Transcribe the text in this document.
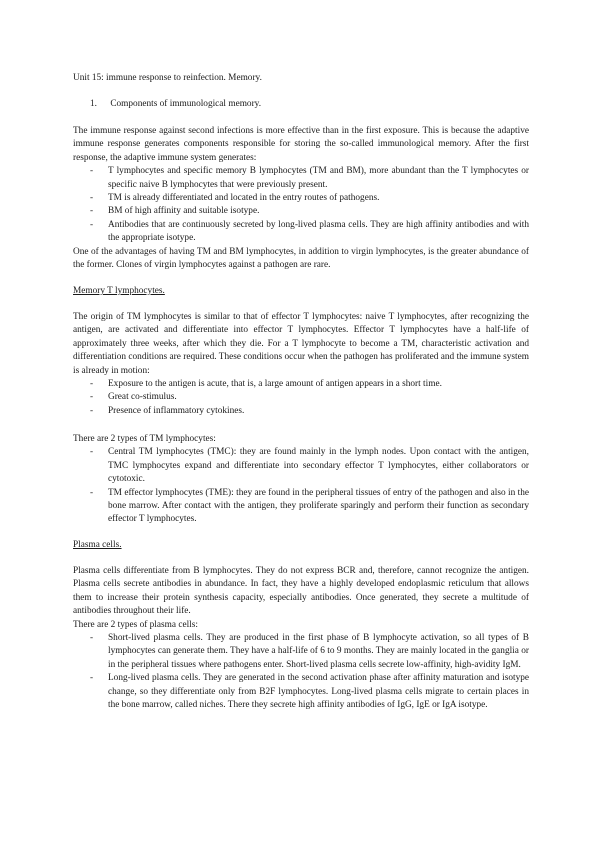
Unit 15: immune response to reinfection. Memory.

1. Components of immunological memory.

The immune response against second infections is more effective than in the first exposure. This is because the adaptive immune response generates components responsible for storing the so-called immunological memory. After the first response, the adaptive immune system generates:

- T lymphocytes and specific memory B lymphocytes (TM and BM), more abundant than the T lymphocytes or specific naive B lymphocytes that were previously present.
- TM is already differentiated and located in the entry routes of pathogens.
- BM of high affinity and suitable isotype.
- Antibodies that are continuously secreted by long-lived plasma cells. They are high affinity antibodies and with the appropriate isotype.

One of the advantages of having TM and BM lymphocytes, in addition to virgin lymphocytes, is the greater abundance of the former. Clones of virgin lymphocytes against a pathogen are rare.

Memory T lymphocytes.

The origin of TM lymphocytes is similar to that of effector T lymphocytes: naive T lymphocytes, after recognizing the antigen, are activated and differentiate into effector T lymphocytes. Effector T lymphocytes have a half-life of approximately three weeks, after which they die. For a T lymphocyte to become a TM, characteristic activation and differentiation conditions are required. These conditions occur when the pathogen has proliferated and the immune system is already in motion:

- Exposure to the antigen is acute, that is, a large amount of antigen appears in a short time.
- Great co-stimulus.
- Presence of inflammatory cytokines.

There are 2 types of TM lymphocytes:

- Central TM lymphocytes (TMC): they are found mainly in the lymph nodes. Upon contact with the antigen, TMC lymphocytes expand and differentiate into secondary effector T lymphocytes, either collaborators or cytotoxic.
- TM effector lymphocytes (TME): they are found in the peripheral tissues of entry of the pathogen and also in the bone marrow. After contact with the antigen, they proliferate sparingly and perform their function as secondary effector T lymphocytes.

Plasma cells.

Plasma cells differentiate from B lymphocytes. They do not express BCR and, therefore, cannot recognize the antigen. Plasma cells secrete antibodies in abundance. In fact, they have a highly developed endoplasmic reticulum that allows them to increase their protein synthesis capacity, especially antibodies. Once generated, they secrete a multitude of antibodies throughout their life.

There are 2 types of plasma cells:

- Short-lived plasma cells. They are produced in the first phase of B lymphocyte activation, so all types of B lymphocytes can generate them. They have a half-life of 6 to 9 months. They are mainly located in the ganglia or in the peripheral tissues where pathogens enter. Short-lived plasma cells secrete low-affinity, high-avidity IgM.
- Long-lived plasma cells. They are generated in the second activation phase after affinity maturation and isotype change, so they differentiate only from B2F lymphocytes. Long-lived plasma cells migrate to certain places in the bone marrow, called niches. There they secrete high affinity antibodies of IgG, IgE or IgA isotype.
